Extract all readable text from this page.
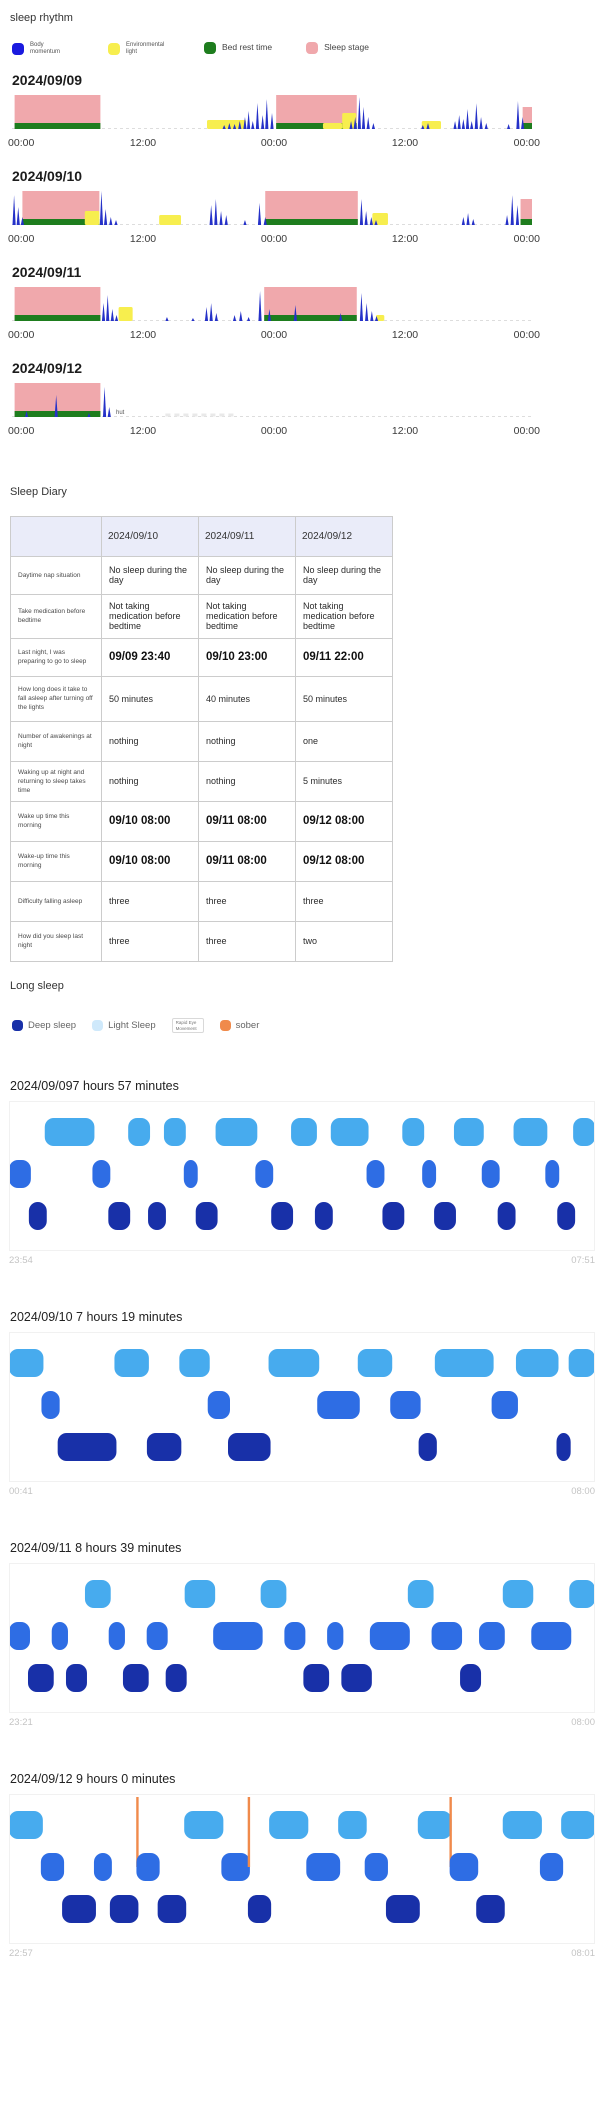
sleep rhythm
Body momentum
Environmental light	Bed rest time	Sleep stage
2024/09/09
00:00	12:00	00:00	12:00	00:00
2024/09/10
00:00	12:00	00:00	12:00	00:00
2024/09/11
00:00	12:00	00:00	12:00	00:00
2024/09/12
hut
00:00	12:00	00:00	12:00	00:00
Sleep Diary
	2024/09/10	2024/09/11	2024/09/12
Daytime nap situation	No sleep during the day	No sleep during the day	No sleep during the day
Take medication before bedtime	Not taking medication before bedtime	Not taking medication before bedtime	Not taking medication before bedtime
Last night, I was preparing to go to sleep	09/09 23:40	09/10 23:00	09/11 22:00
How long does it take to fall asleep after turning off the lights	50 minutes	40 minutes	50 minutes
Number of awakenings at night	nothing	nothing	one
Waking up at night and returning to sleep takes time	nothing	nothing	5 minutes
Wake up time this morning	09/10 08:00	09/11 08:00	09/12 08:00
Wake-up time this morning	09/10 08:00	09/11 08:00	09/12 08:00
Difficulty falling asleep	three	three	three
How did you sleep last night	three	three	two
Long sleep
Deep sleep	Light Sleep	Rapid Eye Movement	sober
2024/09/097 hours 57 minutes
23:54	07:51
2024/09/10 7 hours 19 minutes
00:41	08:00
2024/09/11 8 hours 39 minutes
23:21	08:00
2024/09/12 9 hours 0 minutes
22:57	08:01
